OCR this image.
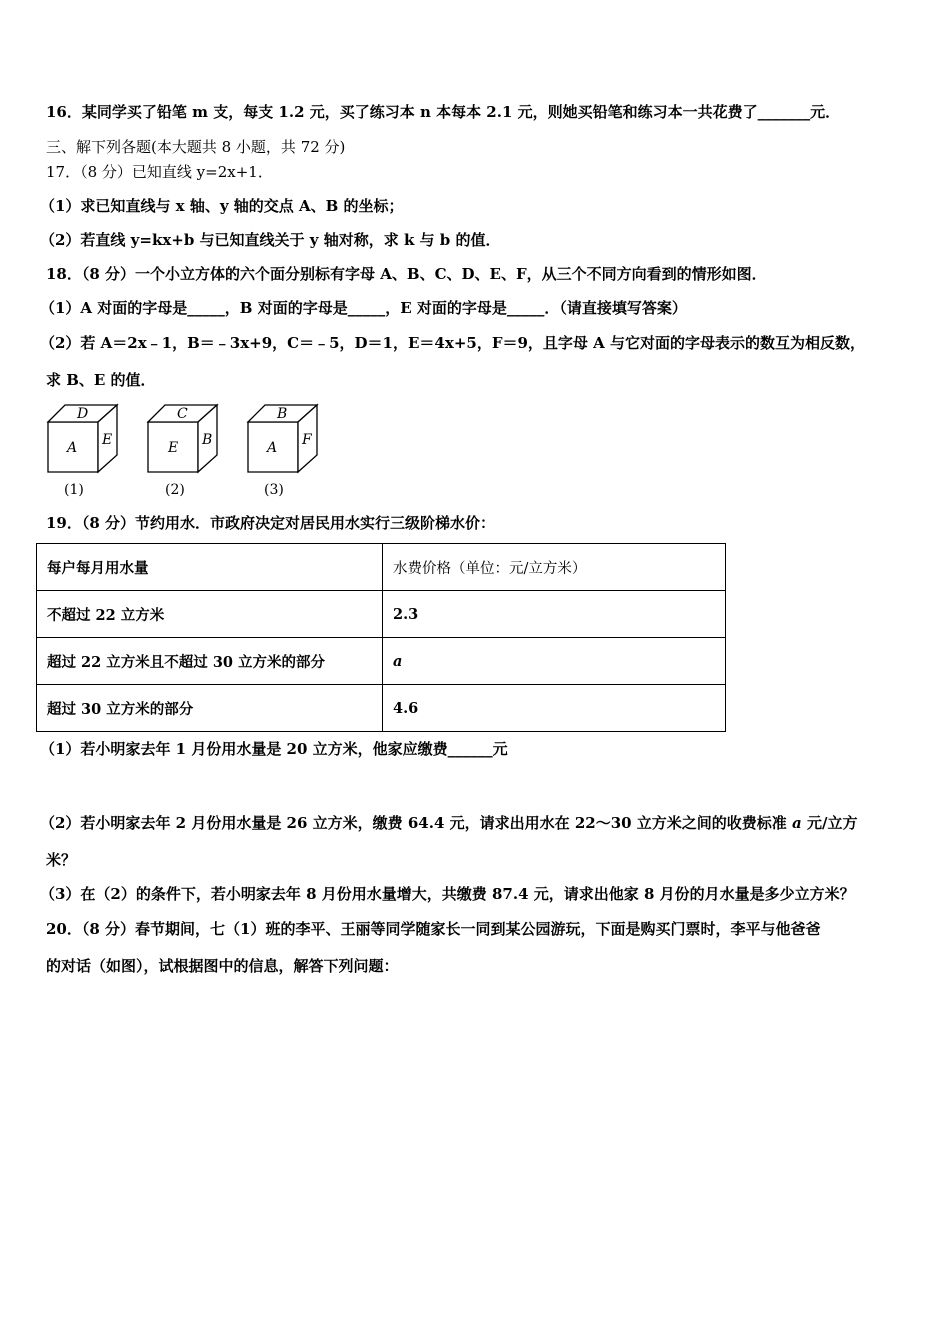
16．某同学买了铅笔 m 支，每支 1.2 元，买了练习本 n 本每本 2.1 元，则她买铅笔和练习本一共花费了_______元．
三、解下列各题(本大题共 8 小题，共 72 分)
17．（8 分）已知直线 y=2x+1．
（1）求已知直线与 x 轴、y 轴的交点 A、B 的坐标；
（2）若直线 y=kx+b 与已知直线关于 y 轴对称，求 k 与 b 的值．
18．（8 分）一个小立方体的六个面分别标有字母 A、B、C、D、E、F，从三个不同方向看到的情形如图．
（1）A 对面的字母是_____，B 对面的字母是_____，E 对面的字母是_____．（请直接填写答案）
（2）若 A＝2x﹣1，B＝﹣3x+9，C＝﹣5，D＝1，E＝4x+5，F＝9，且字母 A 与它对面的字母表示的数互为相反数，
求 B、E 的值．
D
A E
(1)
C
E B
(2)
B
A F
(3)
19．（8 分）节约用水．市政府决定对居民用水实行三级阶梯水价：
每户每月用水量	水费价格（单位：元/立方米）
不超过 22 立方米	2.3
超过 22 立方米且不超过 30 立方米的部分	a
超过 30 立方米的部分	4.6
（1）若小明家去年 1 月份用水量是 20 立方米，他家应缴费______元
（2）若小明家去年 2 月份用水量是 26 立方米，缴费 64.4 元，请求出用水在 22～30 立方米之间的收费标准 a 元/立方
米？
（3）在（2）的条件下，若小明家去年 8 月份用水量增大，共缴费 87.4 元，请求出他家 8 月份的月水量是多少立方米？
20．（8 分）春节期间，七（1）班的李平、王丽等同学随家长一同到某公园游玩，下面是购买门票时，李平与他爸爸
的对话（如图），试根据图中的信息，解答下列问题：
